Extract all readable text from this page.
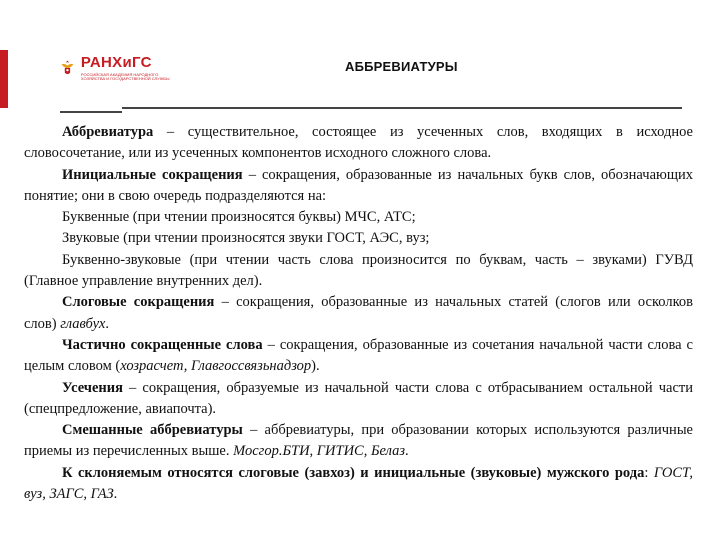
РАНХиГС
РОССИЙСКАЯ АКАДЕМИЯ НАРОДНОГО ХОЗЯЙСТВА И ГОСУДАРСТВЕННОЙ СЛУЖБЫ
АББРЕВИАТУРЫ

Аббревиатура – существительное, состоящее из усеченных слов, входящих в исходное словосочетание, или из усеченных компонентов исходного сложного слова.

Инициальные сокращения – сокращения, образованные из начальных букв слов, обозначающих понятие; они в свою очередь подразделяются на:

Буквенные (при чтении произносятся буквы) МЧС, АТС;

Звуковые (при чтении произносятся звуки ГОСТ, АЭС, вуз;

Буквенно-звуковые (при чтении часть слова произносится по буквам, часть – звуками) ГУВД (Главное управление внутренних дел).

Слоговые сокращения – сокращения, образованные из начальных статей (слогов или осколков слов) главбух.

Частично сокращенные слова – сокращения, образованные из сочетания начальной части слова с целым словом (хозрасчет, Главгоссвязьнадзор).

Усечения – сокращения, образуемые из начальной части слова с отбрасыванием остальной части (спецпредложение, авиапочта).

Смешанные аббревиатуры – аббревиатуры, при образовании которых используются различные приемы из перечисленных выше. Мосгор.БТИ, ГИТИС, Белаз.

К склоняемым относятся слоговые (завхоз) и инициальные (звуковые) мужского рода: ГОСТ, вуз, ЗАГС, ГАЗ.
